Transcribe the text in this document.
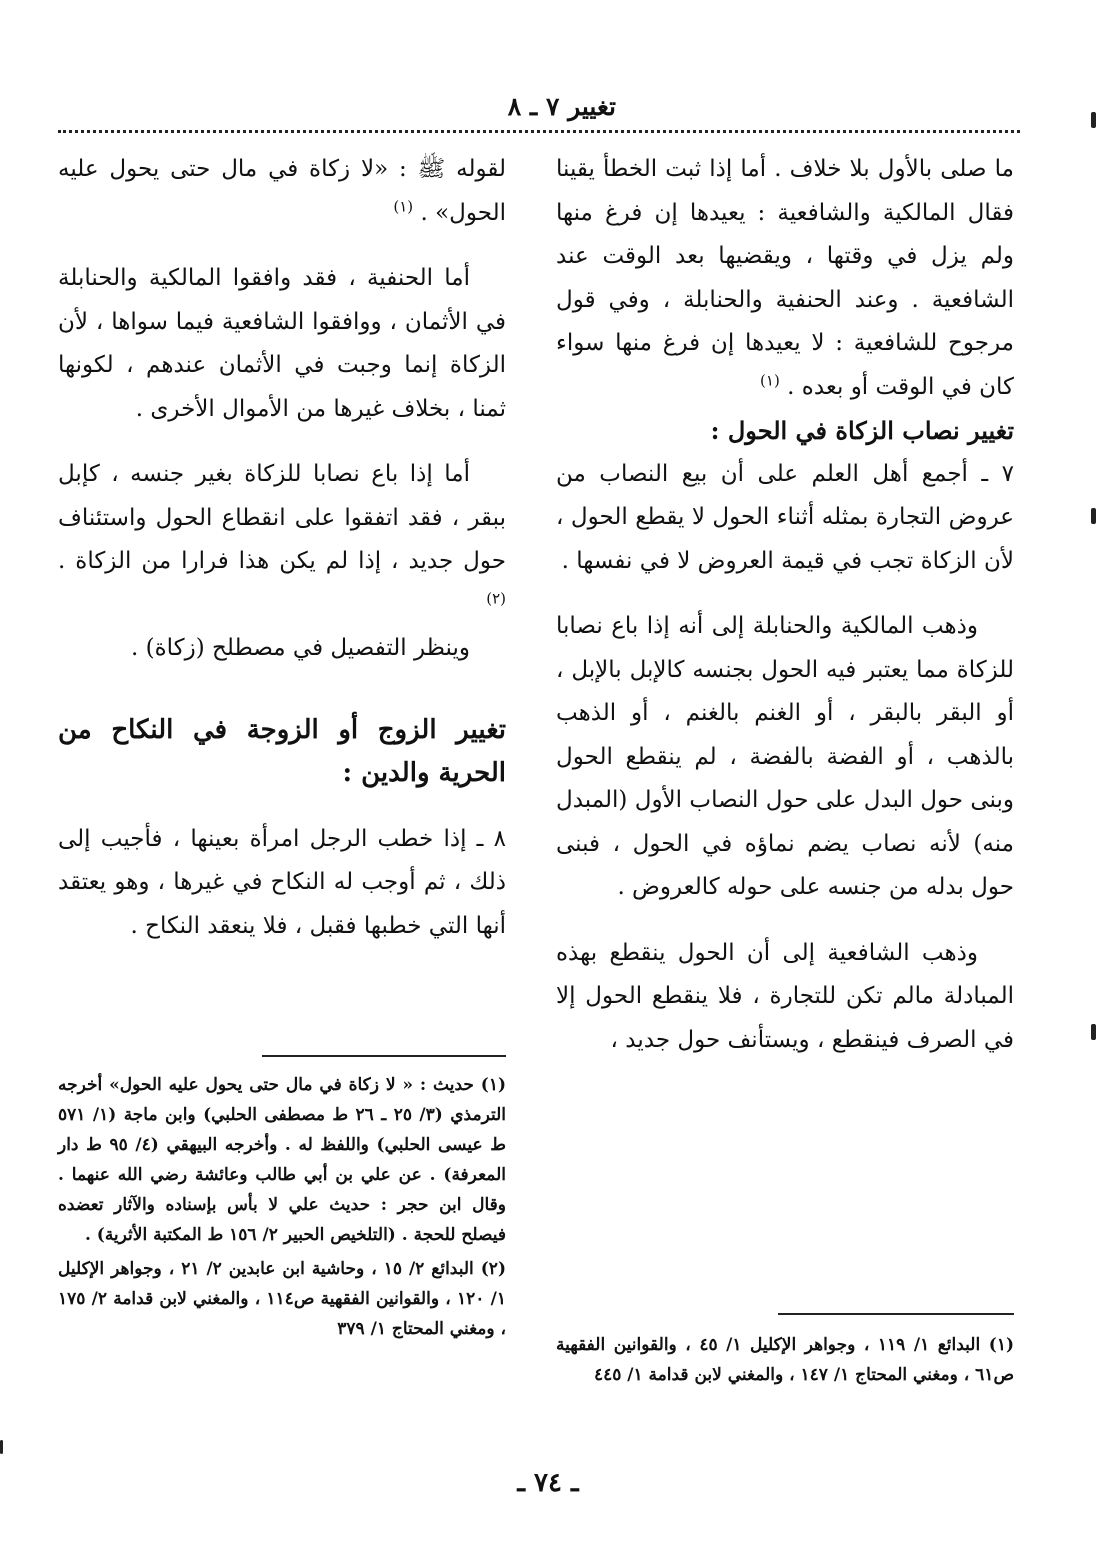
تغيير ٧ ـ ٨

ما صلى بالأول بلا خلاف . أما إذا ثبت الخطأ يقينا فقال المالكية والشافعية : يعيدها إن فرغ منها ولم يزل في وقتها ، ويقضيها بعد الوقت عند الشافعية . وعند الحنفية والحنابلة ، وفي قول مرجوح للشافعية : لا يعيدها إن فرغ منها سواء كان في الوقت أو بعده . $^{(١)}$

تغيير نصاب الزكاة في الحول :

٧ ـ أجمع أهل العلم على أن بيع النصاب من عروض التجارة بمثله أثناء الحول لا يقطع الحول ، لأن الزكاة تجب في قيمة العروض لا في نفسها .

وذهب المالكية والحنابلة إلى أنه إذا باع نصابا للزكاة مما يعتبر فيه الحول بجنسه كالإبل بالإبل ، أو البقر بالبقر ، أو الغنم بالغنم ، أو الذهب بالذهب ، أو الفضة بالفضة ، لم ينقطع الحول وبنى حول البدل على حول النصاب الأول (المبدل منه) لأنه نصاب يضم نماؤه في الحول ، فبنى حول بدله من جنسه على حوله كالعروض .

وذهب الشافعية إلى أن الحول ينقطع بهذه المبادلة مالم تكن للتجارة ، فلا ينقطع الحول إلا في الصرف فينقطع ، ويستأنف حول جديد ،

لقوله ﷺ : «لا زكاة في مال حتى يحول عليه الحول» . $^{(١)}$

أما الحنفية ، فقد وافقوا المالكية والحنابلة في الأثمان ، ووافقوا الشافعية فيما سواها ، لأن الزكاة إنما وجبت في الأثمان عندهم ، لكونها ثمنا ، بخلاف غيرها من الأموال الأخرى .

أما إذا باع نصابا للزكاة بغير جنسه ، كإبل ببقر ، فقد اتفقوا على انقطاع الحول واستئناف حول جديد ، إذا لم يكن هذا فرارا من الزكاة . $^{(٢)}$

وينظر التفصيل في مصطلح (زكاة) .

تغيير الزوج أو الزوجة في النكاح من الحرية والدين :

٨ ـ إذا خطب الرجل امرأة بعينها ، فأجيب إلى ذلك ، ثم أوجب له النكاح في غيرها ، وهو يعتقد أنها التي خطبها فقبل ، فلا ينعقد النكاح .

(١) البدائع ١/ ١١٩ ، وجواهر الإكليل ١/ ٤٥ ، والقوانين الفقهية ص٦١ ، ومغني المحتاج ١/ ١٤٧ ، والمغني لابن قدامة ١/ ٤٤٥

(١) حديث : « لا زكاة في مال حتى يحول عليه الحول» أخرجه الترمذي (٣/ ٢٥ ـ ٢٦ ط مصطفى الحلبي) وابن ماجة (١/ ٥٧١ ط عيسى الحلبي) واللفظ له . وأخرجه البيهقي (٤/ ٩٥ ط دار المعرفة) . عن علي بن أبي طالب وعائشة رضي الله عنهما . وقال ابن حجر : حديث علي لا بأس بإسناده والآثار تعضده فيصلح للحجة . (التلخيص الحبير ٢/ ١٥٦ ط المكتبة الأثرية) .

(٢) البدائع ٢/ ١٥ ، وحاشية ابن عابدين ٢/ ٢١ ، وجواهر الإكليل ١/ ١٢٠ ، والقوانين الفقهية ص١١٤ ، والمغني لابن قدامة ٢/ ١٧٥ ، ومغني المحتاج ١/ ٣٧٩

ـ ٧٤ ـ
